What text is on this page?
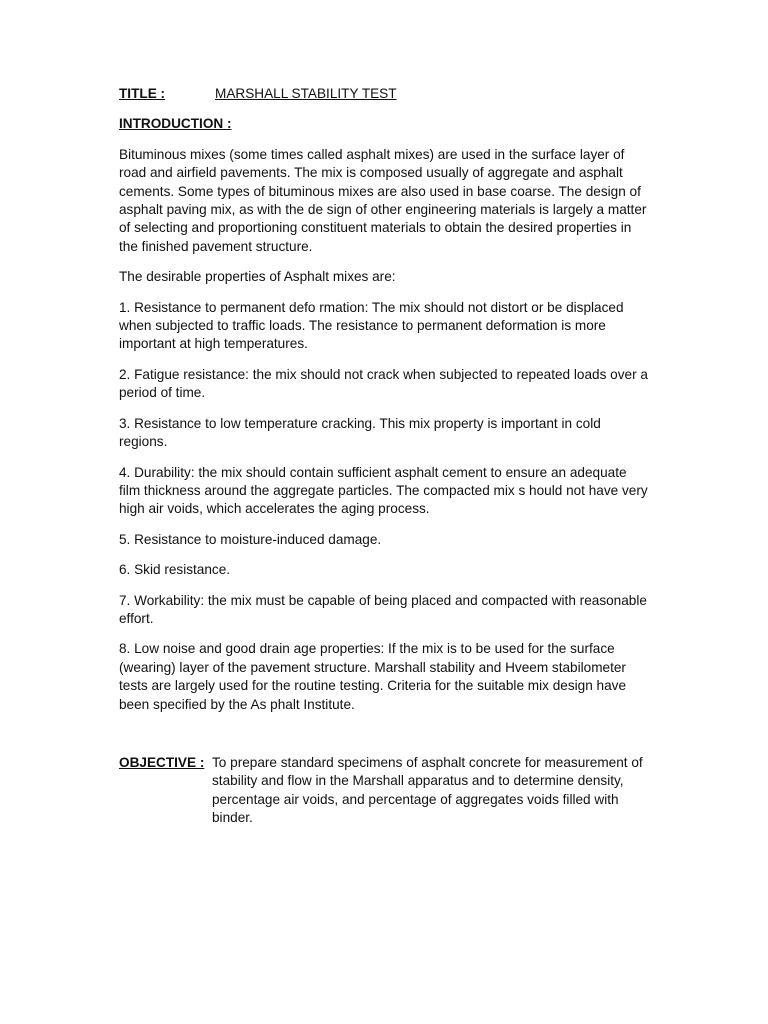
TITLE :	MARSHALL STABILITY TEST
INTRODUCTION :

Bituminous mixes (some times called asphalt mixes) are used in the surface layer of road and airfield pavements. The mix is composed usually of aggregate and asphalt cements. Some types of bituminous mixes are also used in base coarse. The design of asphalt paving mix, as with the de sign of other engineering materials is largely a matter of selecting and proportioning constituent materials to obtain the desired properties in the finished pavement structure.

The desirable properties of Asphalt mixes are:

1. Resistance to permanent defo rmation: The mix should not distort or be displaced when subjected to traffic loads. The resistance to permanent deformation is more important at high temperatures.

2. Fatigue resistance: the mix should not crack when subjected to repeated loads over a period of time.

3. Resistance to low temperature cracking. This mix property is important in cold regions.

4. Durability: the mix should contain sufficient asphalt cement to ensure an adequate film thickness around the aggregate particles. The compacted mix s hould not have very high air voids, which accelerates the aging process.

5. Resistance to moisture-induced damage.

6. Skid resistance.

7. Workability: the mix must be capable of being placed and compacted with reasonable effort.

8. Low noise and good drain age properties: If the mix is to be used for the surface (wearing) layer of the pavement structure. Marshall stability and Hveem stabilometer tests are largely used for the routine testing. Criteria for the suitable mix design have been specified by the As phalt Institute.

OBJECTIVE : To prepare standard specimens of asphalt concrete for measurement of stability and flow in the Marshall apparatus and to determine density, percentage air voids, and percentage of aggregates voids filled with binder.
